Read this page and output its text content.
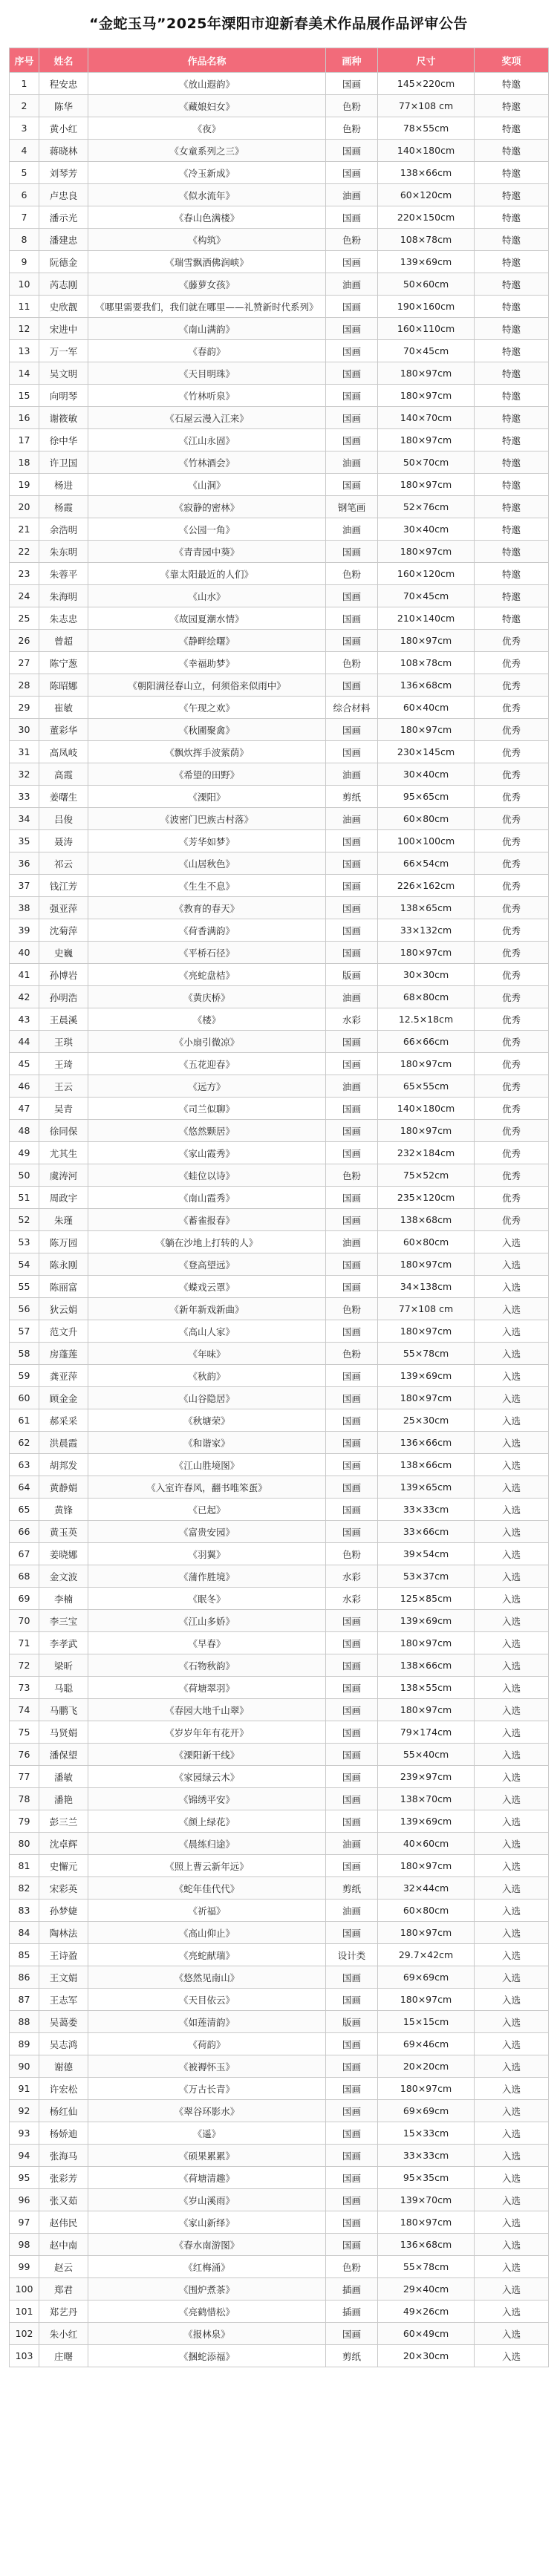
“金蛇玉马”2025年溧阳市迎新春美术作品展作品评审公告
序号	姓名	作品名称	画种	尺寸	奖项
1	程安忠	《放山遐韵》	国画	145×220cm	特邀
2	陈华	《藏娘妇女》	色粉	77×108 cm	特邀
3	黄小红	《夜》	色粉	78×55cm	特邀
4	蒋晓林	《女童系列之三》	国画	140×180cm	特邀
5	刘琴芳	《冷玉新成》	国画	138×66cm	特邀
6	卢忠良	《似水流年》	油画	60×120cm	特邀
7	潘示光	《春山色满楼》	国画	220×150cm	特邀
8	潘建忠	《构筑》	色粉	108×78cm	特邀
9	阮德金	《瑞雪飘洒佛润峡》	国画	139×69cm	特邀
10	芮志刚	《藤萝女孩》	油画	50×60cm	特邀
11	史欣靓	《哪里需要我们，我们就在哪里——礼赞新时代系列》	国画	190×160cm	特邀
12	宋进中	《南山满韵》	国画	160×110cm	特邀
13	万一军	《春韵》	国画	70×45cm	特邀
14	吴文明	《天目明珠》	国画	180×97cm	特邀
15	向明琴	《竹林听泉》	国画	180×97cm	特邀
16	谢筱敏	《石屋云漫入江来》	国画	140×70cm	特邀
17	徐中华	《江山永固》	国画	180×97cm	特邀
18	许卫国	《竹林酒会》	油画	50×70cm	特邀
19	杨进	《山洞》	国画	180×97cm	特邀
20	杨霞	《寂静的密林》	钢笔画	52×76cm	特邀
21	余浩明	《公园一角》	油画	30×40cm	特邀
22	朱东明	《青青园中葵》	国画	180×97cm	特邀
23	朱蓉平	《靠太阳最近的人们》	色粉	160×120cm	特邀
24	朱海明	《山水》	国画	70×45cm	特邀
25	朱志忠	《故园夏潮水情》	国画	210×140cm	特邀
26	曾超	《静畔绘曙》	国画	180×97cm	优秀
27	陈宁葱	《幸福助梦》	色粉	108×78cm	优秀
28	陈昭娜	《朝阳满径春山立，何须俗来似雨中》	国画	136×68cm	优秀
29	崔敏	《午现之欢》	综合材料	60×40cm	优秀
30	董彩华	《秋圃聚禽》	国画	180×97cm	优秀
31	高凤岐	《飘炊挥手波萦荫》	国画	230×145cm	优秀
32	高霞	《希望的田野》	油画	30×40cm	优秀
33	姜曙生	《溧阳》	剪纸	95×65cm	优秀
34	吕俊	《波密门巴族古村落》	油画	60×80cm	优秀
35	聂涛	《芳华如梦》	国画	100×100cm	优秀
36	祁云	《山居秋色》	国画	66×54cm	优秀
37	钱江芳	《生生不息》	国画	226×162cm	优秀
38	强亚萍	《教育的春天》	国画	138×65cm	优秀
39	沈菊萍	《荷香满韵》	国画	33×132cm	优秀
40	史巍	《平桥石径》	国画	180×97cm	优秀
41	孙博岩	《亮蛇盘桔》	版画	30×30cm	优秀
42	孙明浩	《黄庆桥》	油画	68×80cm	优秀
43	王晨溪	《楼》	水彩	12.5×18cm	优秀
44	王琪	《小扇引微凉》	国画	66×66cm	优秀
45	王琦	《五花迎春》	国画	180×97cm	优秀
46	王云	《远方》	油画	65×55cm	优秀
47	吴青	《司兰似聊》	国画	140×180cm	优秀
48	徐同保	《悠然颗居》	国画	180×97cm	优秀
49	尤其生	《家山霞秀》	国画	232×184cm	优秀
50	虞涛河	《蛙位以诗》	色粉	75×52cm	优秀
51	周政宇	《南山霞秀》	国画	235×120cm	优秀
52	朱瑾	《蓄雀报春》	国画	138×68cm	优秀
53	陈万园	《躺在沙地上打转的人》	油画	60×80cm	入选
54	陈永刚	《登高望远》	国画	180×97cm	入选
55	陈丽富	《蝶戏云罩》	国画	34×138cm	入选
56	狄云娟	《新年新戏新曲》	色粉	77×108 cm	入选
57	范文升	《高山人家》	国画	180×97cm	入选
58	房蓬莲	《年味》	色粉	55×78cm	入选
59	龚亚萍	《秋韵》	国画	139×69cm	入选
60	顾金金	《山谷隐居》	国画	180×97cm	入选
61	郝采采	《秋塘荣》	国画	25×30cm	入选
62	洪晨霞	《和谐家》	国画	136×66cm	入选
63	胡邦发	《江山胜境图》	国画	138×66cm	入选
64	黄静娟	《入室许春风，翻书唯笨蛋》	国画	139×65cm	入选
65	黄锋	《已起》	国画	33×33cm	入选
66	黄玉英	《富贵安园》	国画	33×66cm	入选
67	姜晓娜	《羽翼》	色粉	39×54cm	入选
68	金文波	《蒲作胜境》	水彩	53×37cm	入选
69	李楠	《眠冬》	水彩	125×85cm	入选
70	李三宝	《江山多娇》	国画	139×69cm	入选
71	李孝武	《早春》	国画	180×97cm	入选
72	梁昕	《石物秋韵》	国画	138×66cm	入选
73	马聪	《荷塘翠羽》	国画	138×55cm	入选
74	马鹏飞	《春园大地千山翠》	国画	180×97cm	入选
75	马贤娟	《岁岁年年有花开》	国画	79×174cm	入选
76	潘保望	《溧阳新干线》	国画	55×40cm	入选
77	潘敏	《家园绿云木》	国画	239×97cm	入选
78	潘艳	《锦绣平安》	国画	138×70cm	入选
79	彭三兰	《颜上绿花》	国画	139×69cm	入选
80	沈卓辉	《晨练归途》	油画	40×60cm	入选
81	史懈元	《照上曹云新年远》	国画	180×97cm	入选
82	宋彩英	《蛇年佳代代》	剪纸	32×44cm	入选
83	孙梦婕	《祈福》	油画	60×80cm	入选
84	陶林法	《高山仰止》	国画	180×97cm	入选
85	王诗盈	《亮蛇献瑞》	设计类	29.7×42cm	入选
86	王文娟	《悠然见南山》	国画	69×69cm	入选
87	王志军	《天目依云》	国画	180×97cm	入选
88	吴蔼娄	《如莲清韵》	版画	15×15cm	入选
89	吴志鸿	《荷韵》	国画	69×46cm	入选
90	谢德	《被褥怀玉》	国画	20×20cm	入选
91	许宏松	《万古长青》	国画	180×97cm	入选
92	杨红仙	《翠谷环影水》	国画	69×69cm	入选
93	杨娇迪	《遥》	国画	15×33cm	入选
94	张海马	《硕果累累》	国画	33×33cm	入选
95	张彩芳	《荷塘清趣》	国画	95×35cm	入选
96	张又茹	《岁山溪雨》	国画	139×70cm	入选
97	赵伟民	《家山新绎》	国画	180×97cm	入选
98	赵中南	《春水南游图》	国画	136×68cm	入选
99	赵云	《红梅涌》	色粉	55×78cm	入选
100	郑君	《围炉煮茶》	插画	29×40cm	入选
101	郑艺丹	《亮鹤惜松》	插画	49×26cm	入选
102	朱小红	《报林泉》	国画	60×49cm	入选
103	庄曙	《捆蛇添福》	剪纸	20×30cm	入选
